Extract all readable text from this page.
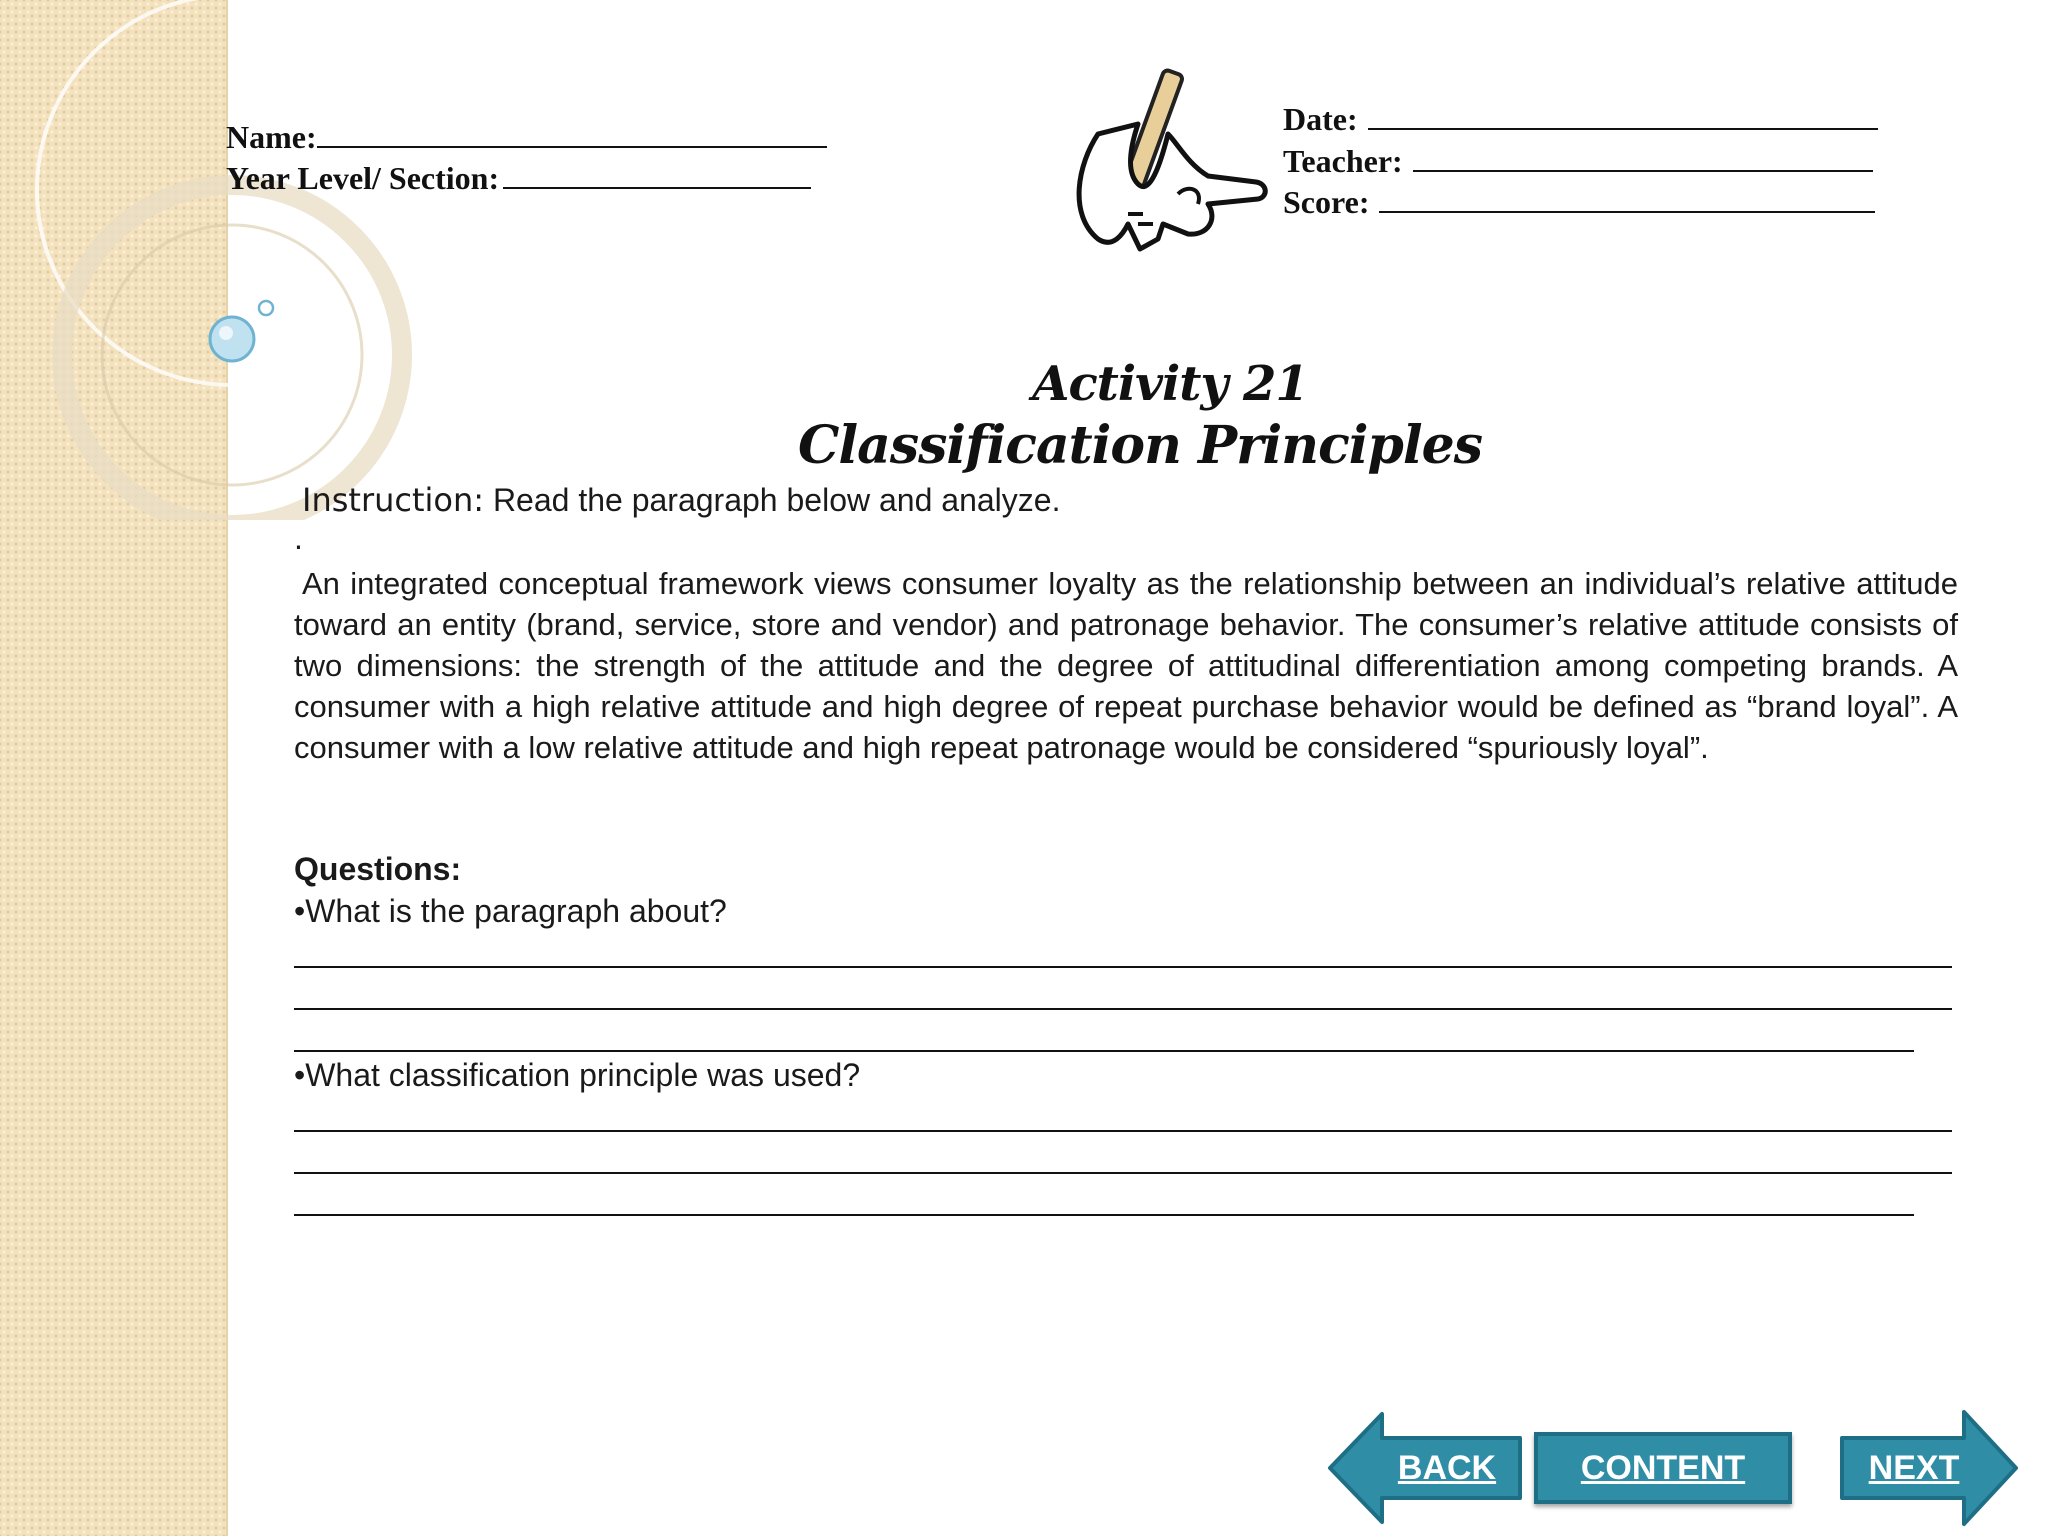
Name:
Year Level/ Section:
Date:
Teacher:
Score:
Activity 21
Classification Principles
Instruction: Read the paragraph below and analyze.
.
An integrated conceptual framework views consumer loyalty as the relationship between an individual’s relative attitude toward an entity (brand, service, store and vendor) and patronage behavior. The consumer’s relative attitude consists of two dimensions: the strength of the attitude and the degree of attitudinal differentiation among competing brands. A consumer with a high relative attitude and high degree of repeat purchase behavior would be defined as “brand loyal”. A consumer with a low relative attitude and high repeat patronage would be considered “spuriously loyal”.
Questions:
•What is the paragraph about?
•What classification principle was used?
BACK	CONTENT	NEXT
